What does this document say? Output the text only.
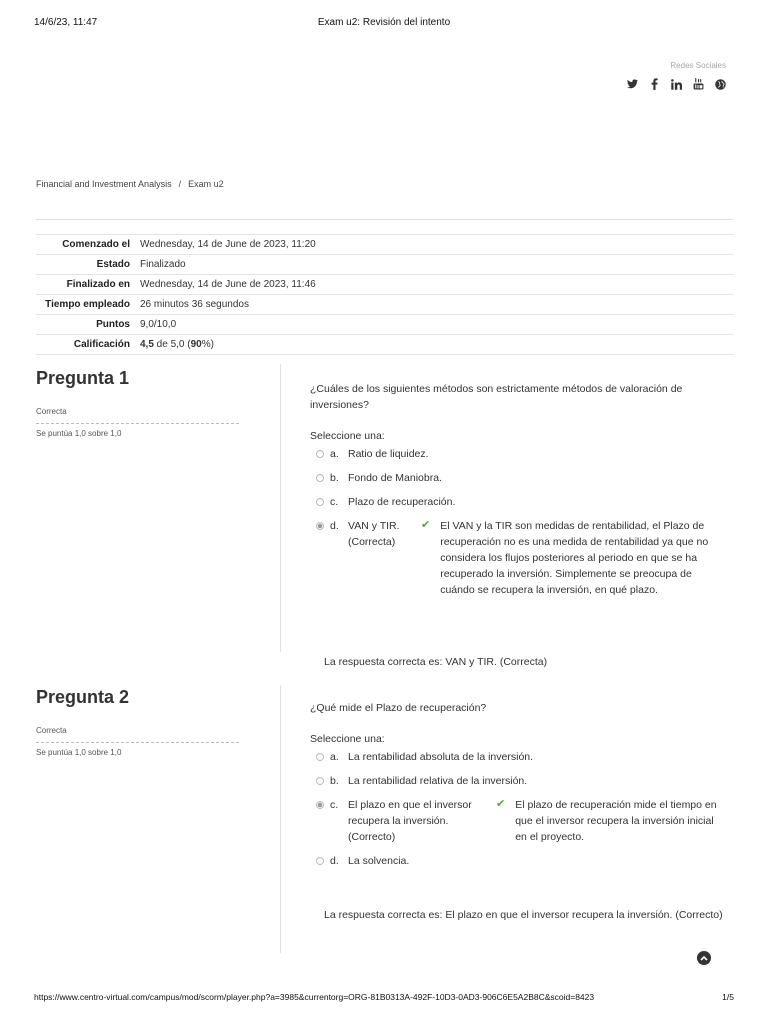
14/6/23, 11:47	Exam u2: Revisión del intento
Redes Sociales
Financial and Investment Analysis / Exam u2
Comenzado el	Wednesday, 14 de June de 2023, 11:20
Estado	Finalizado
Finalizado en	Wednesday, 14 de June de 2023, 11:46
Tiempo empleado	26 minutos 36 segundos
Puntos	9,0/10,0
Calificación	4,5 de 5,0 (90%)
Pregunta 1
Correcta
Se puntúa 1,0 sobre 1,0
¿Cuáles de los siguientes métodos son estrictamente métodos de valoración de inversiones?
Seleccione una:
a. Ratio de liquidez.
b. Fondo de Maniobra.
c. Plazo de recuperación.
d. VAN y TIR. (Correcta)
✔ El VAN y la TIR son medidas de rentabilidad, el Plazo de recuperación no es una medida de rentabilidad ya que no considera los flujos posteriores al periodo en que se ha recuperado la inversión. Simplemente se preocupa de cuándo se recupera la inversión, en qué plazo.
La respuesta correcta es: VAN y TIR. (Correcta)
Pregunta 2
Correcta
Se puntúa 1,0 sobre 1,0
¿Qué mide el Plazo de recuperación?
Seleccione una:
a. La rentabilidad absoluta de la inversión.
b. La rentabilidad relativa de la inversión.
c. El plazo en que el inversor recupera la inversión. (Correcto)
✔ El plazo de recuperación mide el tiempo en que el inversor recupera la inversión inicial en el proyecto.
d. La solvencia.
La respuesta correcta es: El plazo en que el inversor recupera la inversión. (Correcto)
https://www.centro-virtual.com/campus/mod/scorm/player.php?a=3985&currentorg=ORG-81B0313A-492F-10D3-0AD3-906C6E5A2B8C&scoid=8423	1/5
